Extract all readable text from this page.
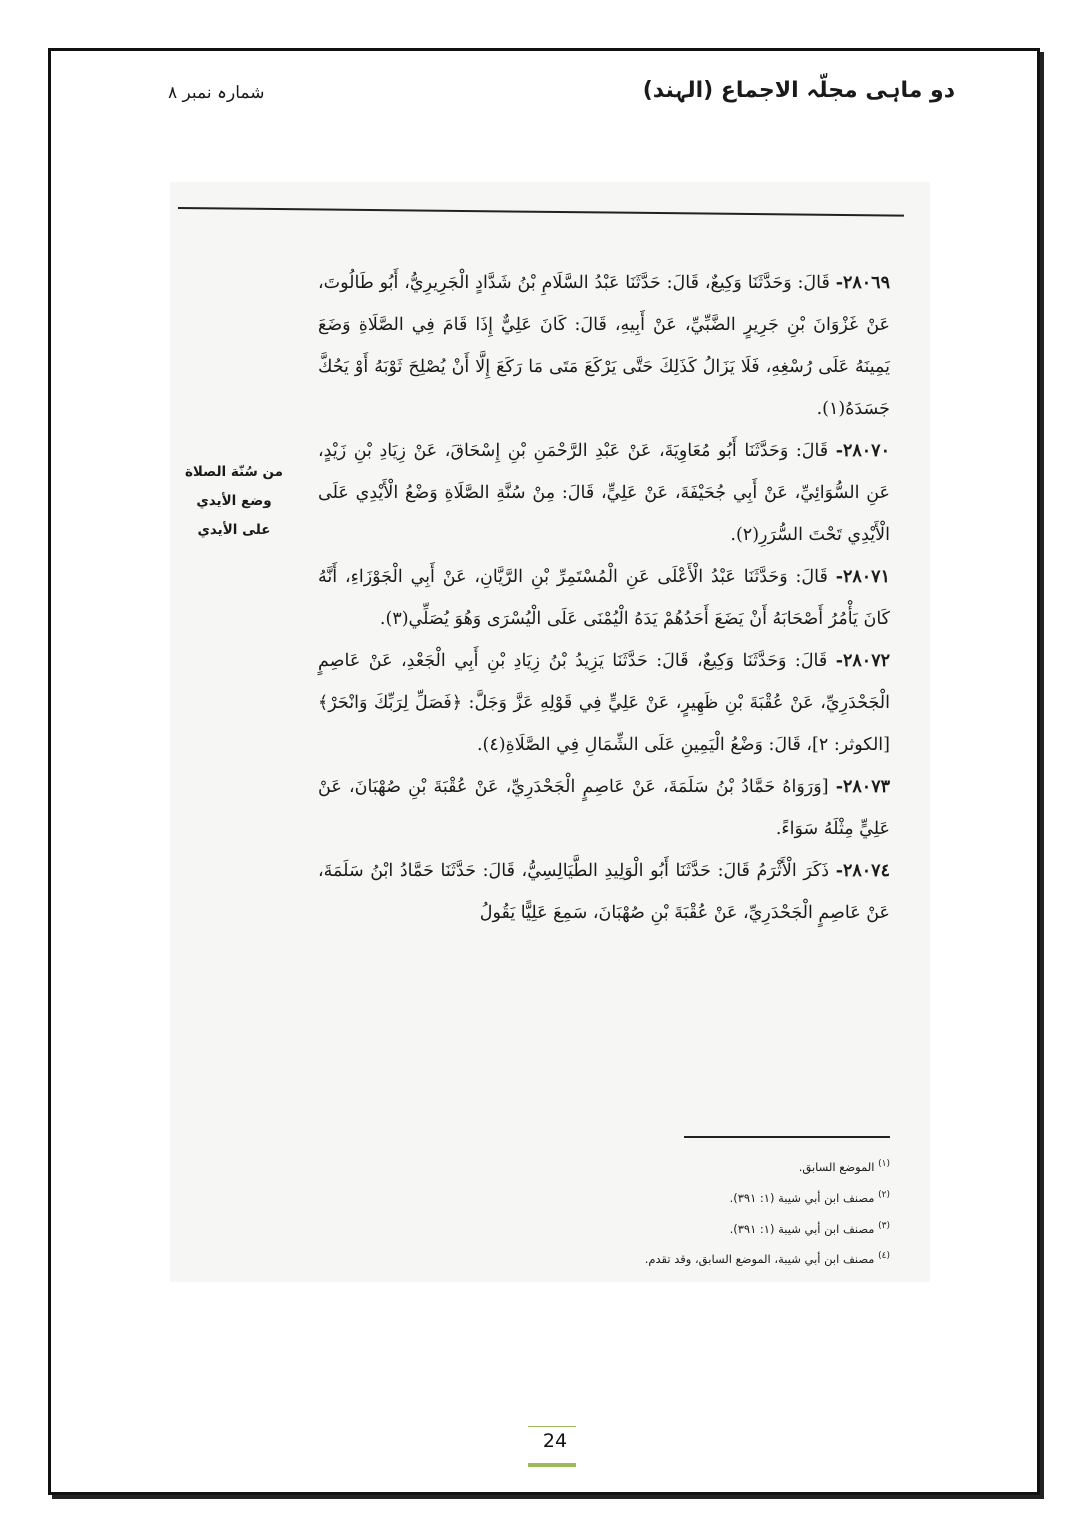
دو ماہی مجلّہ الاجماع (الہند)
شمارہ نمبر ۸

٢٨٠٦٩- قَالَ: وَحَدَّثَنَا وَكِيعٌ، قَالَ: حَدَّثَنَا عَبْدُ السَّلَامِ بْنُ شَدَّادٍ الْجَرِيرِيُّ، أَبُو طَالُوتَ، عَنْ غَزْوَانَ بْنِ جَرِيرٍ الضَّبِّيِّ، عَنْ أَبِيهِ، قَالَ: كَانَ عَلِيٌّ إِذَا قَامَ فِي الصَّلَاةِ وَضَعَ يَمِينَهُ عَلَى رُسْغِهِ، فَلَا يَزَالُ كَذَلِكَ حَتَّى يَرْكَعَ مَتَى مَا رَكَعَ إِلَّا أَنْ يُصْلِحَ ثَوْبَهُ أَوْ يَحُكَّ جَسَدَهُ(١).

٢٨٠٧٠- قَالَ: وَحَدَّثَنَا أَبُو مُعَاوِيَةَ، عَنْ عَبْدِ الرَّحْمَنِ بْنِ إِسْحَاقَ، عَنْ زِيَادِ بْنِ زَيْدٍ، عَنِ السُّوَائِيِّ، عَنْ أَبِي جُحَيْفَةَ، عَنْ عَلِيٍّ، قَالَ: مِنْ سُنَّةِ الصَّلَاةِ وَضْعُ الْأَيْدِي عَلَى الْأَيْدِي تَحْتَ السُّرَرِ(٢).

٢٨٠٧١- قَالَ: وَحَدَّثَنَا عَبْدُ الْأَعْلَى عَنِ الْمُسْتَمِرِّ بْنِ الرَّيَّانِ، عَنْ أَبِي الْجَوْزَاءِ، أَنَّهُ كَانَ يَأْمُرُ أَصْحَابَهُ أَنْ يَضَعَ أَحَدُهُمْ يَدَهُ الْيُمْنَى عَلَى الْيُسْرَى وَهُوَ يُصَلِّي(٣).

٢٨٠٧٢- قَالَ: وَحَدَّثَنَا وَكِيعٌ، قَالَ: حَدَّثَنَا يَزِيدُ بْنُ زِيَادِ بْنِ أَبِي الْجَعْدِ، عَنْ عَاصِمٍ الْجَحْدَرِيِّ، عَنْ عُقْبَةَ بْنِ ظَهِيرٍ، عَنْ عَلِيٍّ فِي قَوْلِهِ عَزَّ وَجَلَّ: ﴿فَصَلِّ لِرَبِّكَ وَانْحَرْ﴾ [الكوثر: ٢]، قَالَ: وَضْعُ الْيَمِينِ عَلَى الشِّمَالِ فِي الصَّلَاةِ(٤).

٢٨٠٧٣- [وَرَوَاهُ حَمَّادُ بْنُ سَلَمَةَ، عَنْ عَاصِمٍ الْجَحْدَرِيِّ، عَنْ عُقْبَةَ بْنِ صُهْبَانَ، عَنْ عَلِيٍّ مِثْلَهُ سَوَاءً.

٢٨٠٧٤- ذَكَرَ الْأَثْرَمُ قَالَ: حَدَّثَنَا أَبُو الْوَلِيدِ الطَّيَالِسِيُّ، قَالَ: حَدَّثَنَا حَمَّادُ ابْنُ سَلَمَةَ، عَنْ عَاصِمٍ الْجَحْدَرِيِّ، عَنْ عُقْبَةَ بْنِ صُهْبَانَ، سَمِعَ عَلِيًّا يَقُولُ

من سُنّة الصلاة
وضع الأيدي
على الأيدي
$^{(١)}$ الموضع السابق.
$^{(٢)}$ مصنف ابن أبي شيبة (١: ٣٩١).
$^{(٣)}$ مصنف ابن أبي شيبة (١: ٣٩١).
$^{(٤)}$ مصنف ابن أبي شيبة، الموضع السابق، وقد تقدم.
24
